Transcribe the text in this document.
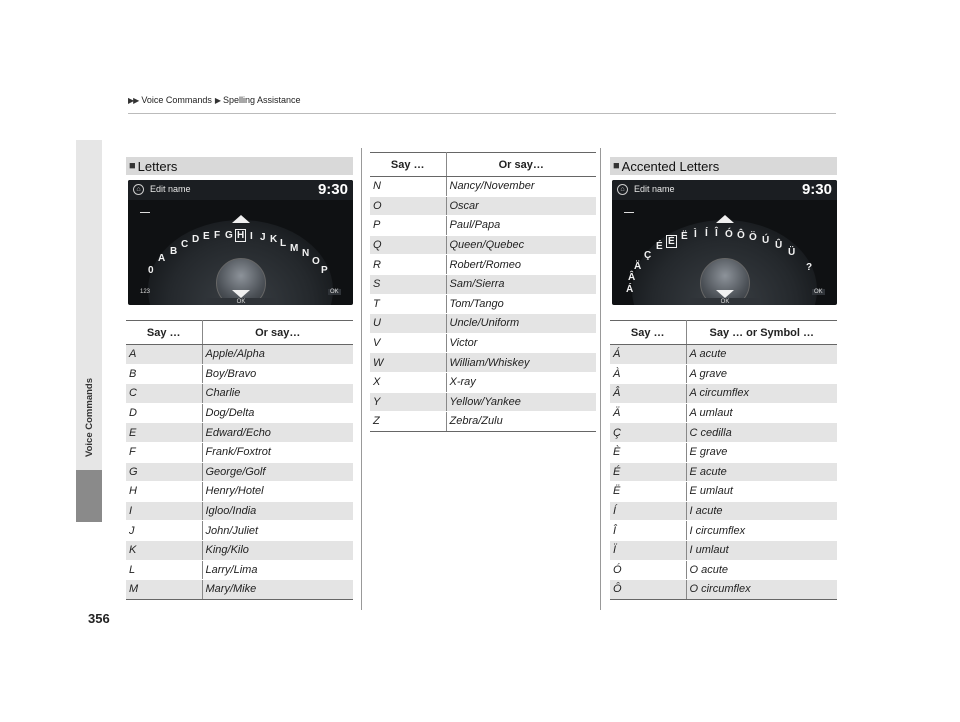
▶▶ Voice Commands ▶ Spelling Assistance
Voice Commands
356
■ Letters
⌂	Edit name	9:30
OK
0
A
B
C D E F G H I J K L M N
O
P
123	OK
Say …	Or say…
A	Apple/Alpha
B	Boy/Bravo
C	Charlie
D	Dog/Delta
E	Edward/Echo
F	Frank/Foxtrot
G	George/Golf
H	Henry/Hotel
I	Igloo/India
J	John/Juliet
K	King/Kilo
L	Larry/Lima
M	Mary/Mike
Say …	Or say…
N	Nancy/November
O	Oscar
P	Paul/Papa
Q	Queen/Quebec
R	Robert/Romeo
S	Sam/Sierra
T	Tom/Tango
U	Uncle/Uniform
V	Victor
W	William/Whiskey
X	X-ray
Y	Yellow/Yankee
Z	Zebra/Zulu
■ Accented Letters
⌂	Edit name	9:30
OK
Á
Â
Ä
Ç
É È Ë Ì Í Î Ó Ô Ö Ú Û
Ü
?
OK
Say …	Say … or Symbol …
Á	A acute
À	A grave
Â	A circumflex
Ä	A umlaut
Ç	C cedilla
È	E grave
É	E acute
Ë	E umlaut
Í	I acute
Î	I circumflex
Ï	I umlaut
Ó	O acute
Ô	O circumflex
